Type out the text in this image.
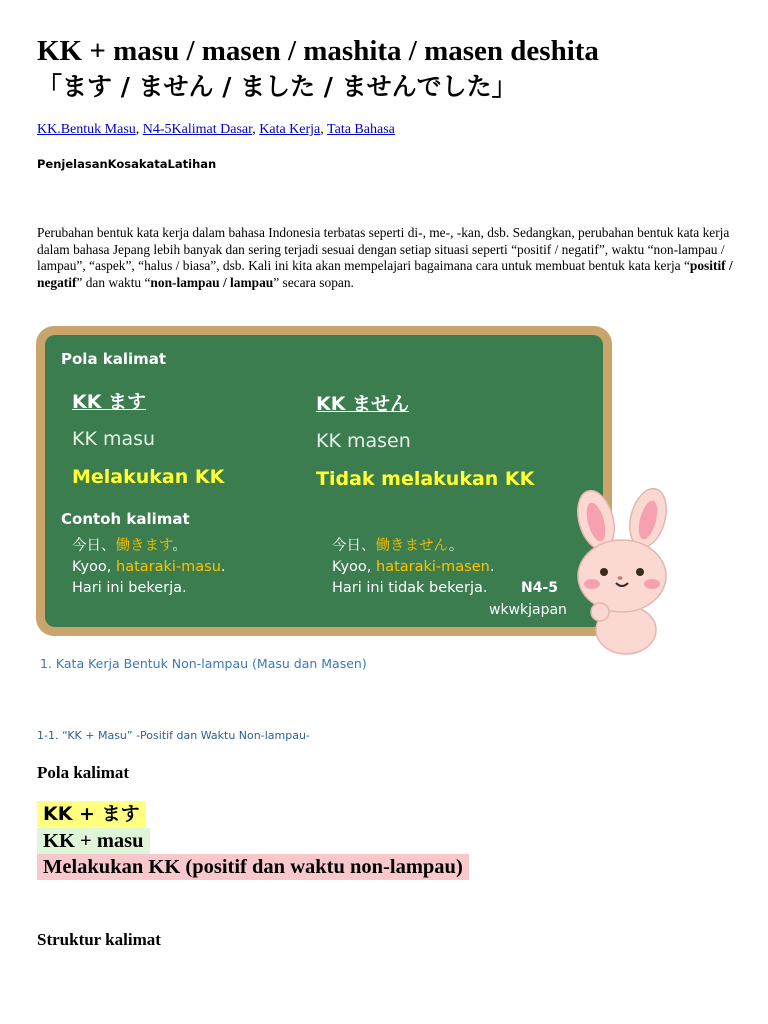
KK + masu / masen / mashita / masen deshita
「ます / ません / ました / ませんでした」
KK.Bentuk Masu, N4-5Kalimat Dasar, Kata Kerja, Tata Bahasa
PenjelasanKosakataLatihan

Perubahan bentuk kata kerja dalam bahasa Indonesia terbatas seperti di-, me-, -kan, dsb. Sedangkan, perubahan bentuk kata kerja dalam bahasa Jepang lebih banyak dan sering terjadi sesuai dengan setiap situasi seperti “positif / negatif”, waktu “non-lampau / lampau”, “aspek”, “halus / biasa”, dsb. Kali ini kita akan mempelajari bagaimana cara untuk membuat bentuk kata kerja “positif / negatif” dan waktu “non-lampau / lampau” secara sopan.

Pola kalimat
KK ます
KK masu
Melakukan KK
KK ません
KK masen
Tidak melakukan KK
Contoh kalimat
今日、働きます。
Kyoo, hataraki-masu.
Hari ini bekerja.
今日、働きません。
Kyoo, hataraki-masen.
Hari ini tidak bekerja.	N4-5
wkwkjapan
1. Kata Kerja Bentuk Non-lampau (Masu dan Masen)
1-1. “KK + Masu” -Positif dan Waktu Non-lampau-
Pola kalimat
KK + ます
KK + masu
Melakukan KK (positif dan waktu non-lampau)
Struktur kalimat
